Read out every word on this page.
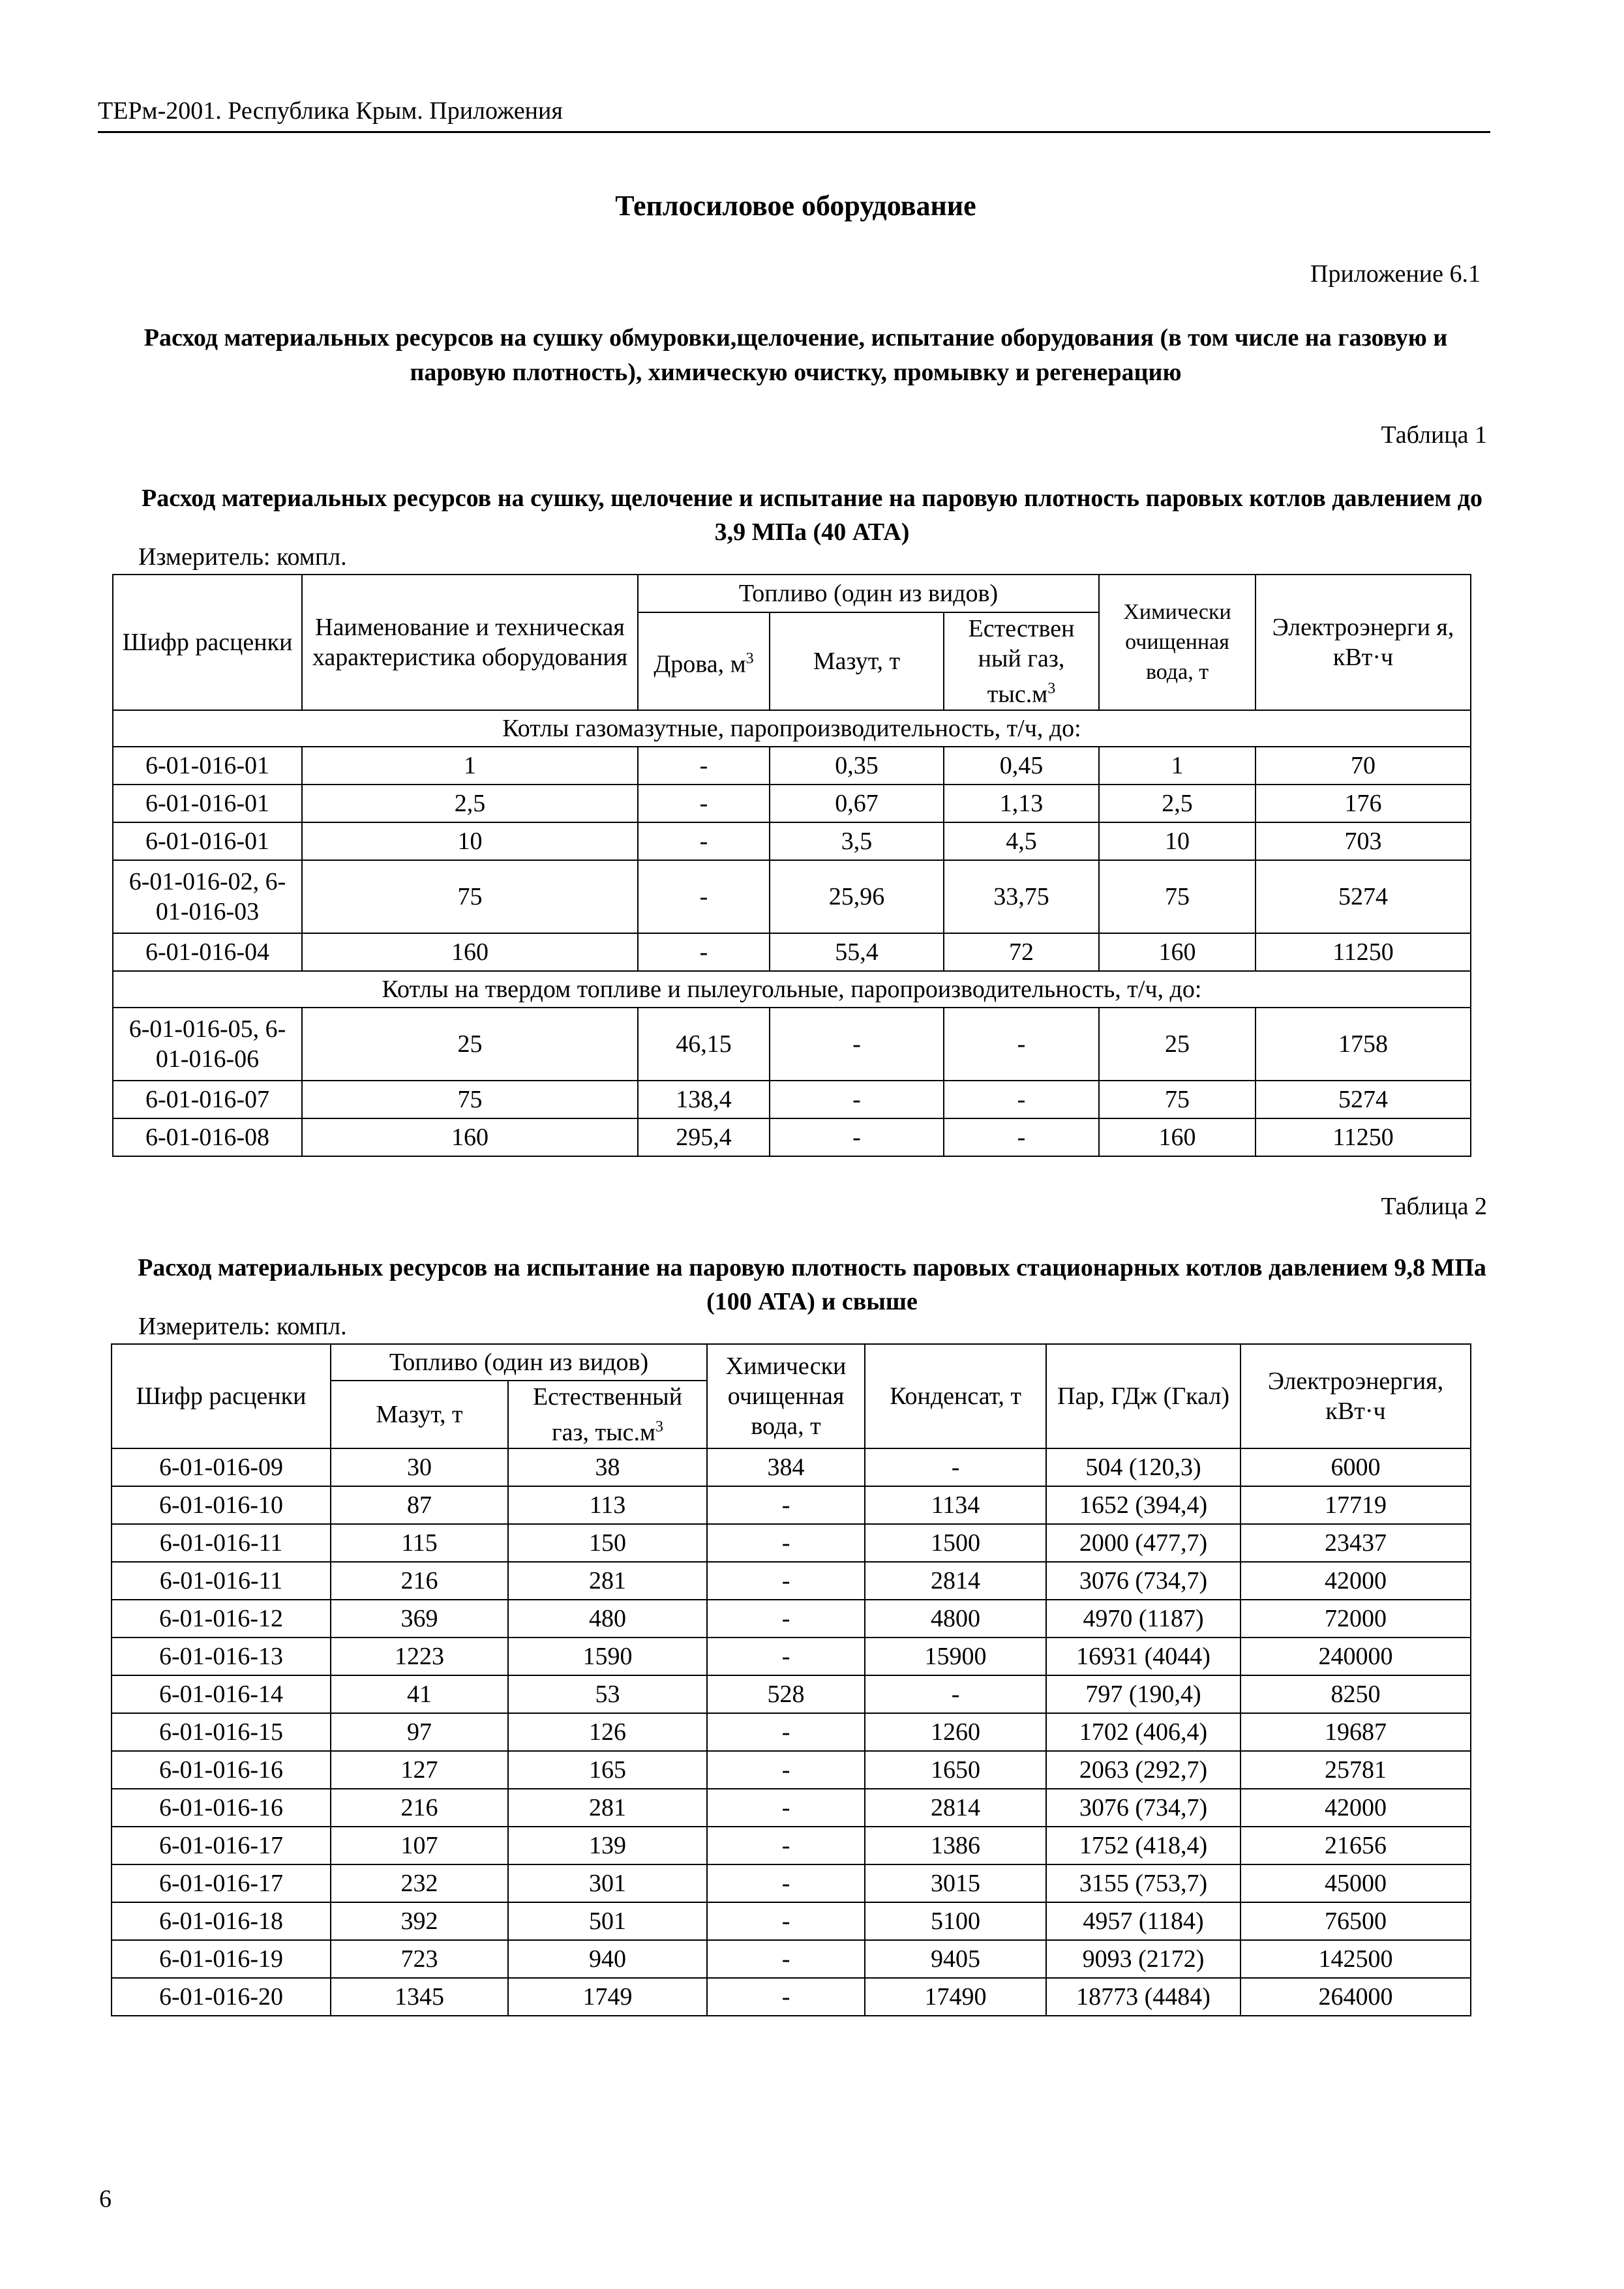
ТЕРм-2001. Республика Крым. Приложения
Теплосиловое оборудование
Приложение 6.1
Расход материальных ресурсов на сушку обмуровки,щелочение, испытание оборудования (в том числе на газовую и паровую плотность), химическую очистку, промывку и регенерацию
Таблица 1
Расход материальных ресурсов на сушку, щелочение и испытание на паровую плотность паровых котлов давлением до 3,9 МПа (40 АТА)
Измеритель: компл.
Шифр расценки	Наименование и техническая характеристика оборудования	Топливо (один из видов)			Химически очищенная вода, т	Электроэнерги я, кВт·ч
		Дрова, $м^3$	Мазут, т	Естествен ный газ, $тыс.м^3$
Котлы газомазутные, паропроизводительность, т/ч, до:						
6-01-016-01	1	-	0,35	0,45	1	70
6-01-016-01	2,5	-	0,67	1,13	2,5	176
6-01-016-01	10	-	3,5	4,5	10	703
6-01-016-02, 6-01-016-03	75	-	25,96	33,75	75	5274
6-01-016-04	160	-	55,4	72	160	11250
Котлы на твердом топливе и пылеугольные, паропроизводительность, т/ч, до:						
6-01-016-05, 6-01-016-06	25	46,15	-	-	25	1758
6-01-016-07	75	138,4	-	-	75	5274
6-01-016-08	160	295,4	-	-	160	11250
Таблица 2
Расход материальных ресурсов на испытание на паровую плотность паровых стационарных котлов давлением 9,8 МПа (100 АТА) и свыше
Измеритель: компл.
Шифр расценки	Топливо (один из видов)		Химически очищенная вода, т	Конденсат, т	Пар, ГДж (Гкал)	Электроэнергия, кВт·ч
	Мазут, т	Естественный газ, $тыс.м^3$
6-01-016-09	30	38	384	-	504 (120,3)	6000
6-01-016-10	87	113	-	1134	1652 (394,4)	17719
6-01-016-11	115	150	-	1500	2000 (477,7)	23437
6-01-016-11	216	281	-	2814	3076 (734,7)	42000
6-01-016-12	369	480	-	4800	4970 (1187)	72000
6-01-016-13	1223	1590	-	15900	16931 (4044)	240000
6-01-016-14	41	53	528	-	797 (190,4)	8250
6-01-016-15	97	126	-	1260	1702 (406,4)	19687
6-01-016-16	127	165	-	1650	2063 (292,7)	25781
6-01-016-16	216	281	-	2814	3076 (734,7)	42000
6-01-016-17	107	139	-	1386	1752 (418,4)	21656
6-01-016-17	232	301	-	3015	3155 (753,7)	45000
6-01-016-18	392	501	-	5100	4957 (1184)	76500
6-01-016-19	723	940	-	9405	9093 (2172)	142500
6-01-016-20	1345	1749	-	17490	18773 (4484)	264000
6
